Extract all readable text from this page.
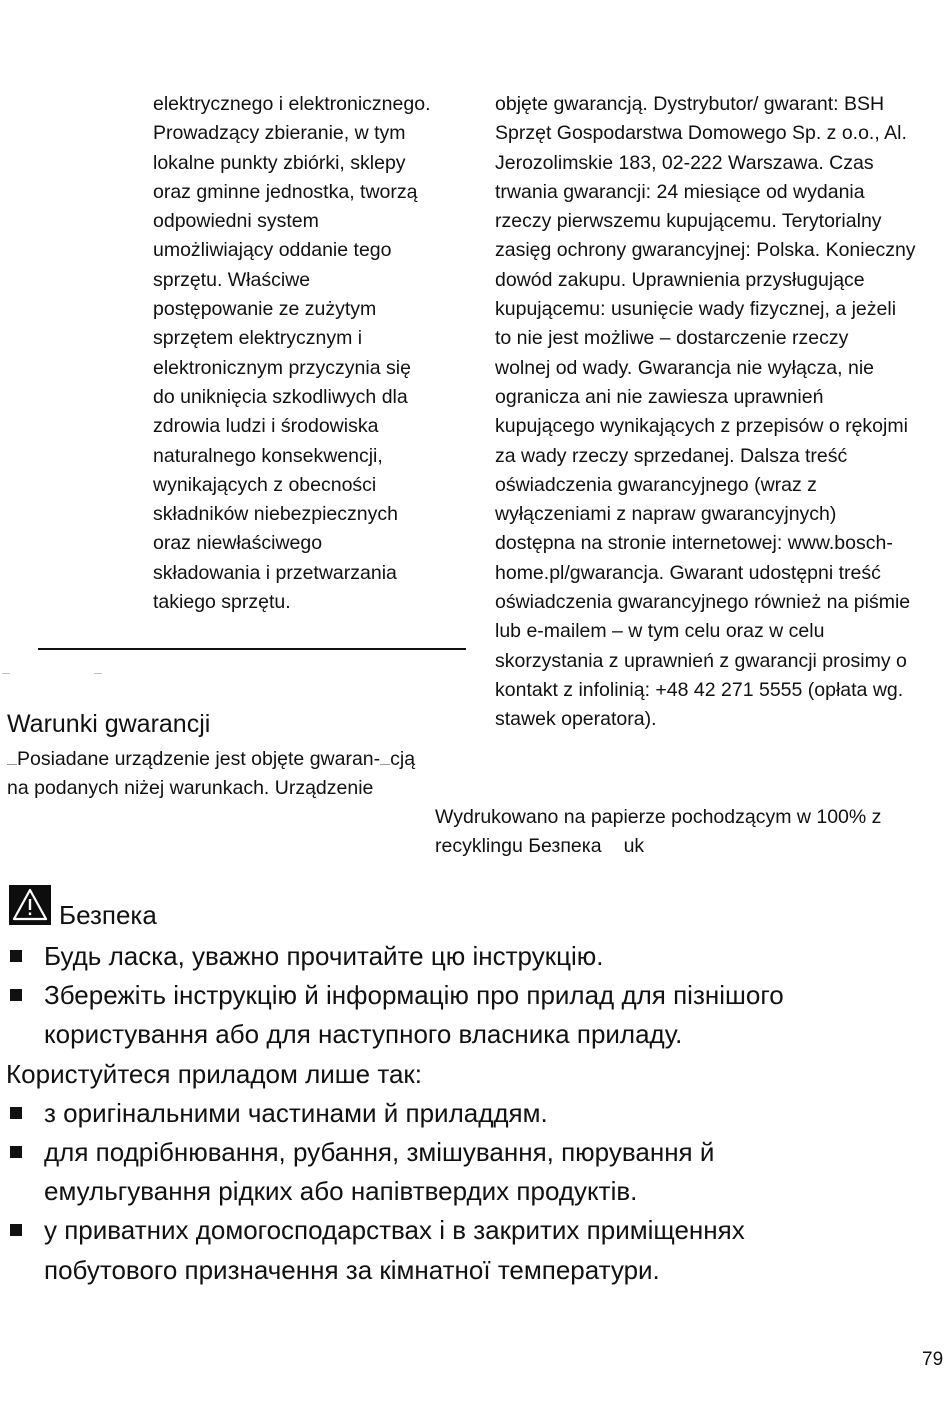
elektrycznego i elektronicznego.
Prowadzący zbieranie, w tym
lokalne punkty zbiórki, sklepy
oraz gminne jednostka, tworzą
odpowiedni system
umożliwiający oddanie tego
sprzętu. Właściwe
postępowanie ze zużytym
sprzętem elektrycznym i
elektronicznym przyczynia się
do uniknięcia szkodliwych dla
zdrowia ludzi i środowiska
naturalnego konsekwencji,
wynikających z obecności
składników niebezpiecznych
oraz niewłaściwego
składowania i przetwarzania
takiego sprzętu.
objęte gwarancją. Dystrybutor/ gwarant: BSH
Sprzęt Gospodarstwa Domowego Sp. z o.o., Al.
Jerozolimskie 183, 02-222 Warszawa. Czas
trwania gwarancji: 24 miesiące od wydania
rzeczy pierwszemu kupującemu. Terytorialny
zasięg ochrony gwarancyjnej: Polska. Konieczny
dowód zakupu. Uprawnienia przysługujące
kupującemu: usunięcie wady fizycznej, a jeżeli
to nie jest możliwe – dostarczenie rzeczy
wolnej od wady. Gwarancja nie wyłącza, nie
ogranicza ani nie zawiesza uprawnień
kupującego wynikających z przepisów o rękojmi
za wady rzeczy sprzedanej. Dalsza treść
oświadczenia gwarancyjnego (wraz z
wyłączeniami z napraw gwarancyjnych)
dostępna na stronie internetowej: www.bosch-
home.pl/gwarancja. Gwarant udostępni treść
oświadczenia gwarancyjnego również na piśmie
lub e-mailem – w tym celu oraz w celu
skorzystania z uprawnień z gwarancji prosimy o
kontakt z infolinią: +48 42 271 5555 (opłata wg.
stawek operatora).
Warunki gwarancji
Posiadane urządzenie jest objęte gwaran- cją
na podanych niżej warunkach. Urządzenie
Wydrukowano na papierze pochodzącym w 100% z
recyklingu Безпека uk
Безпека
Будь ласка, уважно прочитайте цю інструкцію.
Збережіть інструкцію й інформацію про прилад для пізнішого
користування або для наступного власника приладу.
Користуйтеся приладом лише так:
з оригінальними частинами й приладдям.
для подрібнювання, рубання, змішування, пюрування й
емульгування рідких або напівтвердих продуктів.
у приватних домогосподарствах і в закритих приміщеннях
побутового призначення за кімнатної температури.
79
